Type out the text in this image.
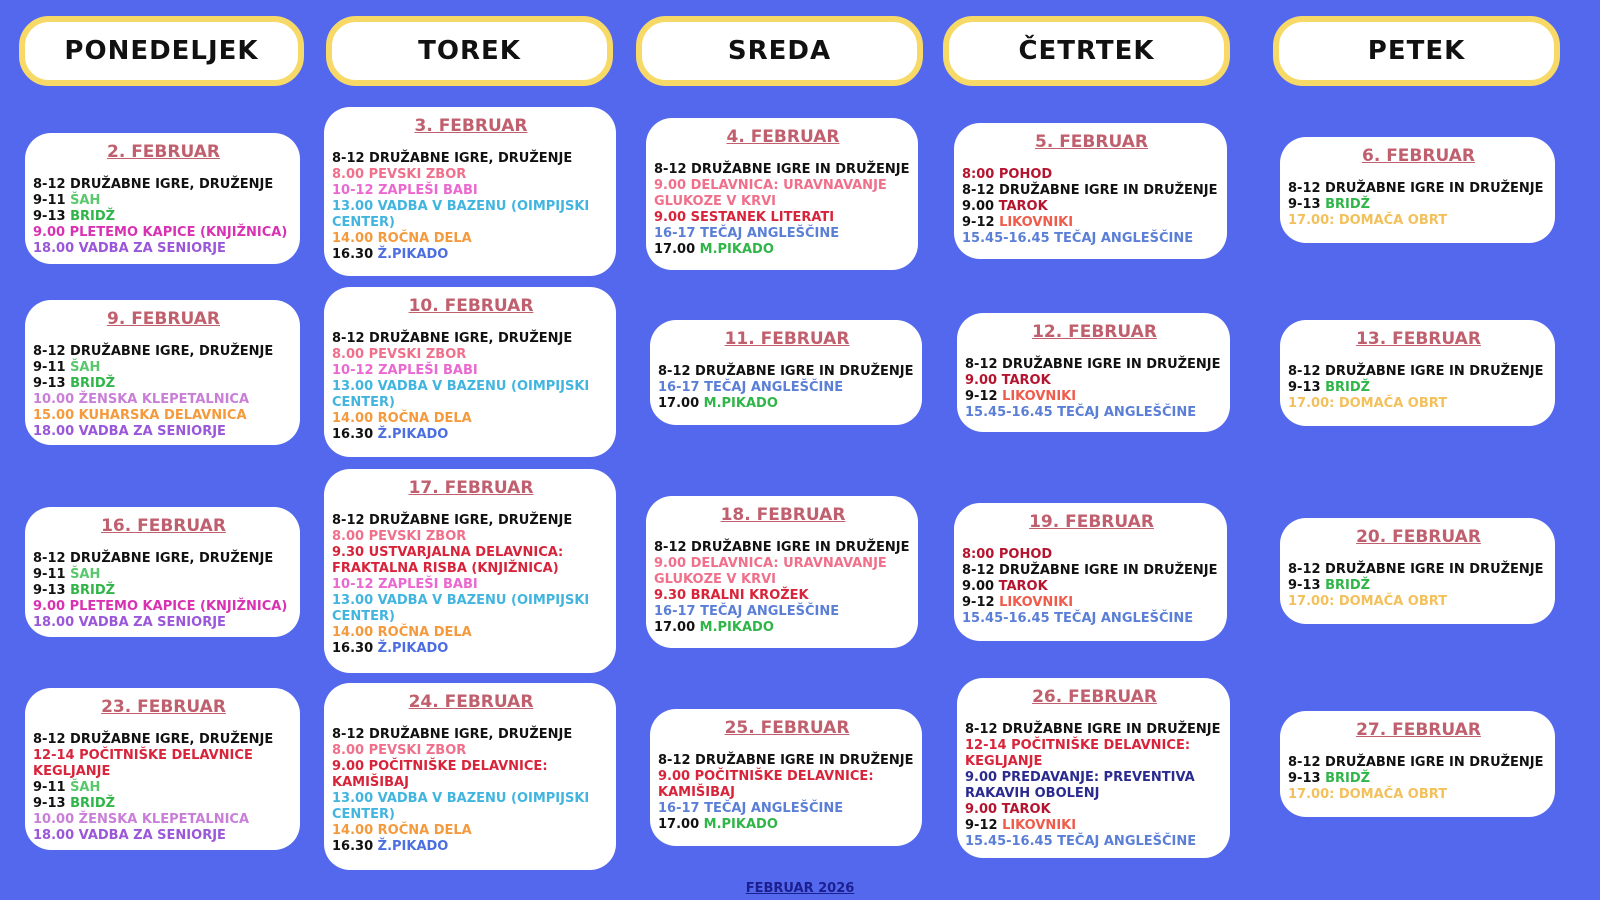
PONEDELJEK	TOREK	SREDA	ČETRTEK	PETEK
2. FEBRUAR
8-12 DRUŽABNE IGRE, DRUŽENJE
9-11 ŠAH
9-13 BRIDŽ
9.00 PLETEMO KAPICE (KNJIŽNICA)
18.00 VADBA ZA SENIORJE
3. FEBRUAR
8-12 DRUŽABNE IGRE, DRUŽENJE
8.00 PEVSKI ZBOR
10-12 ZAPLEŠI BABI
13.00 VADBA V BAZENU (OIMPIJSKI CENTER)
14.00 ROČNA DELA
16.30 Ž.PIKADO
4. FEBRUAR
8-12 DRUŽABNE IGRE IN DRUŽENJE
9.00 DELAVNICA: URAVNAVANJE GLUKOZE V KRVI
9.00 SESTANEK LITERATI
16-17 TEČAJ ANGLEŠČINE
17.00 M.PIKADO
5. FEBRUAR
8:00 POHOD
8-12 DRUŽABNE IGRE IN DRUŽENJE
9.00 TAROK
9-12 LIKOVNIKI
15.45-16.45 TEČAJ ANGLEŠČINE
6. FEBRUAR
8-12 DRUŽABNE IGRE IN DRUŽENJE
9-13 BRIDŽ
17.00: DOMAČA OBRT
9. FEBRUAR
8-12 DRUŽABNE IGRE, DRUŽENJE
9-11 ŠAH
9-13 BRIDŽ
10.00 ŽENSKA KLEPETALNICA
15.00 KUHARSKA DELAVNICA
18.00 VADBA ZA SENIORJE
10. FEBRUAR
8-12 DRUŽABNE IGRE, DRUŽENJE
8.00 PEVSKI ZBOR
10-12 ZAPLEŠI BABI
13.00 VADBA V BAZENU (OIMPIJSKI CENTER)
14.00 ROČNA DELA
16.30 Ž.PIKADO
11. FEBRUAR
8-12 DRUŽABNE IGRE IN DRUŽENJE
16-17 TEČAJ ANGLEŠČINE
17.00 M.PIKADO
12. FEBRUAR
8-12 DRUŽABNE IGRE IN DRUŽENJE
9.00 TAROK
9-12 LIKOVNIKI
15.45-16.45 TEČAJ ANGLEŠČINE
13. FEBRUAR
8-12 DRUŽABNE IGRE IN DRUŽENJE
9-13 BRIDŽ
17.00: DOMAČA OBRT
16. FEBRUAR
8-12 DRUŽABNE IGRE, DRUŽENJE
9-11 ŠAH
9-13 BRIDŽ
9.00 PLETEMO KAPICE (KNJIŽNICA)
18.00 VADBA ZA SENIORJE
17. FEBRUAR
8-12 DRUŽABNE IGRE, DRUŽENJE
8.00 PEVSKI ZBOR
9.30 USTVARJALNA DELAVNICA: FRAKTALNA RISBA (KNJIŽNICA)
10-12 ZAPLEŠI BABI
13.00 VADBA V BAZENU (OIMPIJSKI CENTER)
14.00 ROČNA DELA
16.30 Ž.PIKADO
18. FEBRUAR
8-12 DRUŽABNE IGRE IN DRUŽENJE
9.00 DELAVNICA: URAVNAVANJE GLUKOZE V KRVI
9.30 BRALNI KROŽEK
16-17 TEČAJ ANGLEŠČINE
17.00 M.PIKADO
19. FEBRUAR
8:00 POHOD
8-12 DRUŽABNE IGRE IN DRUŽENJE
9.00 TAROK
9-12 LIKOVNIKI
15.45-16.45 TEČAJ ANGLEŠČINE
20. FEBRUAR
8-12 DRUŽABNE IGRE IN DRUŽENJE
9-13 BRIDŽ
17.00: DOMAČA OBRT
23. FEBRUAR
8-12 DRUŽABNE IGRE, DRUŽENJE
12-14 POČITNIŠKE DELAVNICE KEGLJANJE
9-11 ŠAH
9-13 BRIDŽ
10.00 ŽENSKA KLEPETALNICA
18.00 VADBA ZA SENIORJE
24. FEBRUAR
8-12 DRUŽABNE IGRE, DRUŽENJE
8.00 PEVSKI ZBOR
9.00 POČITNIŠKE DELAVNICE: KAMIŠIBAJ
13.00 VADBA V BAZENU (OIMPIJSKI CENTER)
14.00 ROČNA DELA
16.30 Ž.PIKADO
25. FEBRUAR
8-12 DRUŽABNE IGRE IN DRUŽENJE
9.00 POČITNIŠKE DELAVNICE: KAMIŠIBAJ
16-17 TEČAJ ANGLEŠČINE
17.00 M.PIKADO
26. FEBRUAR
8-12 DRUŽABNE IGRE IN DRUŽENJE
12-14 POČITNIŠKE DELAVNICE: KEGLJANJE
9.00 PREDAVANJE: PREVENTIVA RAKAVIH OBOLENJ
9.00 TAROK
9-12 LIKOVNIKI
15.45-16.45 TEČAJ ANGLEŠČINE
27. FEBRUAR
8-12 DRUŽABNE IGRE IN DRUŽENJE
9-13 BRIDŽ
17.00: DOMAČA OBRT
FEBRUAR 2026
